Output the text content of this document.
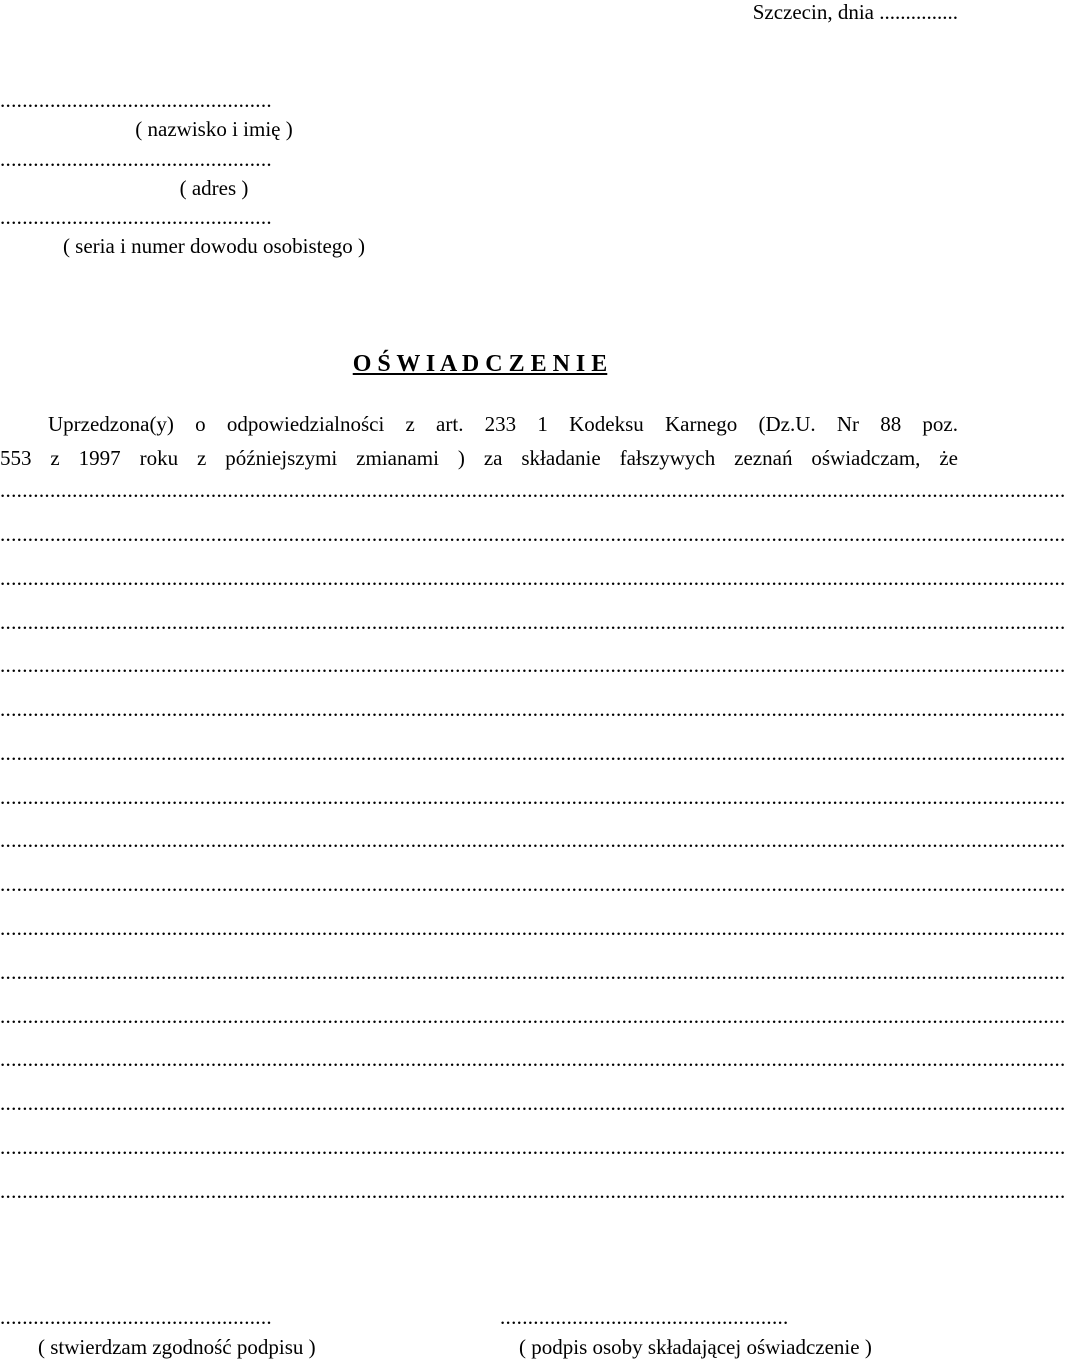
Szczecin, dnia ...............
.................................................
( nazwisko i imię )
.................................................
( adres )
.................................................
( seria i numer dowodu osobistego )
O Ś W I A D C Z E N I E
Uprzedzona(y) o odpowiedzialności z art. 233 1 Kodeksu Karnego (Dz.U. Nr 88 poz.
553 z 1997 roku z późniejszymi zmianami ) za składanie fałszywych zeznań oświadczam, że
................................................................................................................................................................................................
................................................................................................................................................................................................
................................................................................................................................................................................................
................................................................................................................................................................................................
................................................................................................................................................................................................
................................................................................................................................................................................................
................................................................................................................................................................................................
................................................................................................................................................................................................
................................................................................................................................................................................................
................................................................................................................................................................................................
................................................................................................................................................................................................
................................................................................................................................................................................................
................................................................................................................................................................................................
................................................................................................................................................................................................
................................................................................................................................................................................................
................................................................................................................................................................................................
................................................................................................................................................................................................
.................................................	....................................................
( stwierdzam zgodność podpisu )	( podpis osoby składającej oświadczenie )
